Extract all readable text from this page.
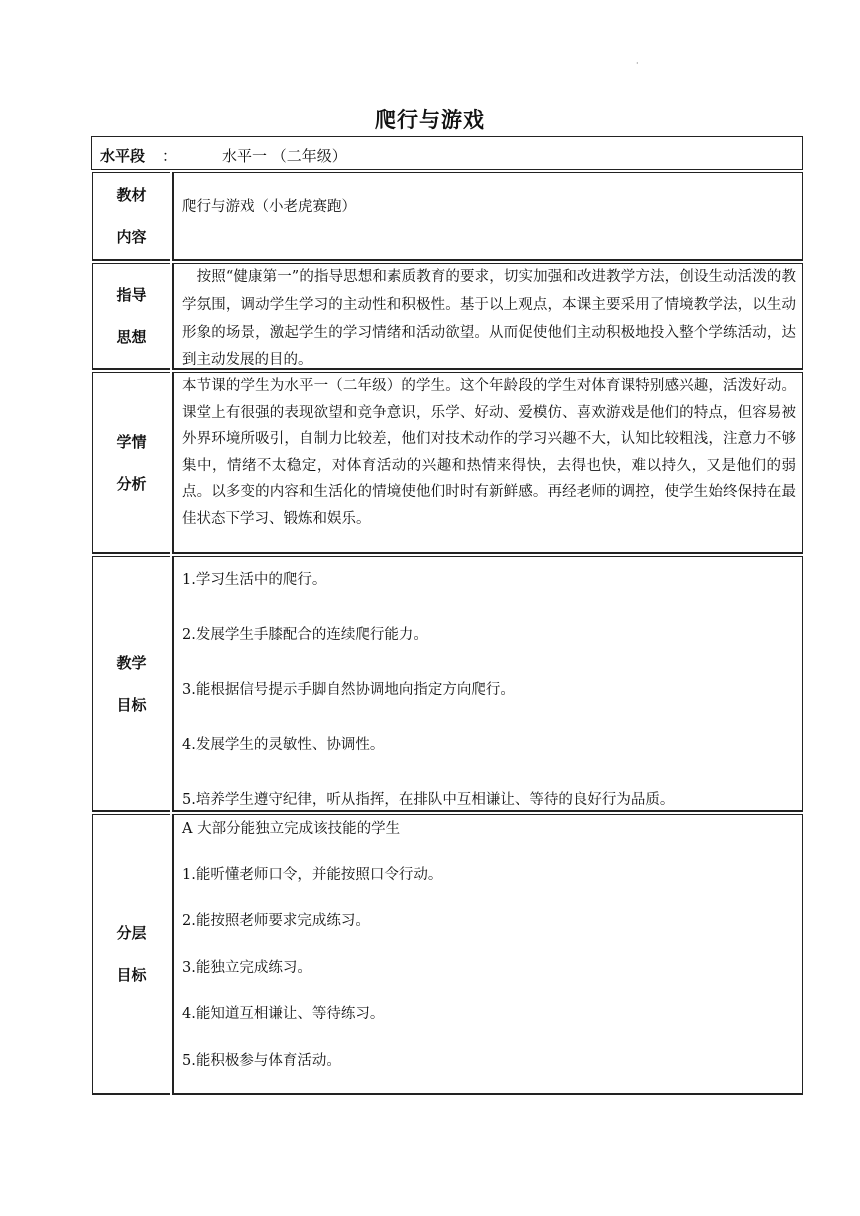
·
爬行与游戏
水平段 ：	水平一 （二年级）
教材
内容
爬行与游戏（小老虎赛跑）
指导
思想
　按照“健康第一”的指导思想和素质教育的要求，切实加强和改进教学方法，创设生动活泼的教学氛围，调动学生学习的主动性和积极性。基于以上观点，本课主要采用了情境教学法，以生动形象的场景，激起学生的学习情绪和活动欲望。从而促使他们主动积极地投入整个学练活动，达到主动发展的目的。
学情
分析
本节课的学生为水平一（二年级）的学生。这个年龄段的学生对体育课特别感兴趣，活泼好动。课堂上有很强的表现欲望和竞争意识，乐学、好动、爱模仿、喜欢游戏是他们的特点，但容易被外界环境所吸引，自制力比较差，他们对技术动作的学习兴趣不大，认知比较粗浅，注意力不够集中，情绪不太稳定，对体育活动的兴趣和热情来得快，去得也快，难以持久，又是他们的弱点。以多变的内容和生活化的情境使他们时时有新鲜感。再经老师的调控，使学生始终保持在最佳状态下学习、锻炼和娱乐。
教学
目标
1.学习生活中的爬行。
2.发展学生手膝配合的连续爬行能力。
3.能根据信号提示手脚自然协调地向指定方向爬行。
4.发展学生的灵敏性、协调性。
5.培养学生遵守纪律，听从指挥，在排队中互相谦让、等待的良好行为品质。
分层
目标
A 大部分能独立完成该技能的学生
1.能听懂老师口令，并能按照口令行动。
2.能按照老师要求完成练习。
3.能独立完成练习。
4.能知道互相谦让、等待练习。
5.能积极参与体育活动。
